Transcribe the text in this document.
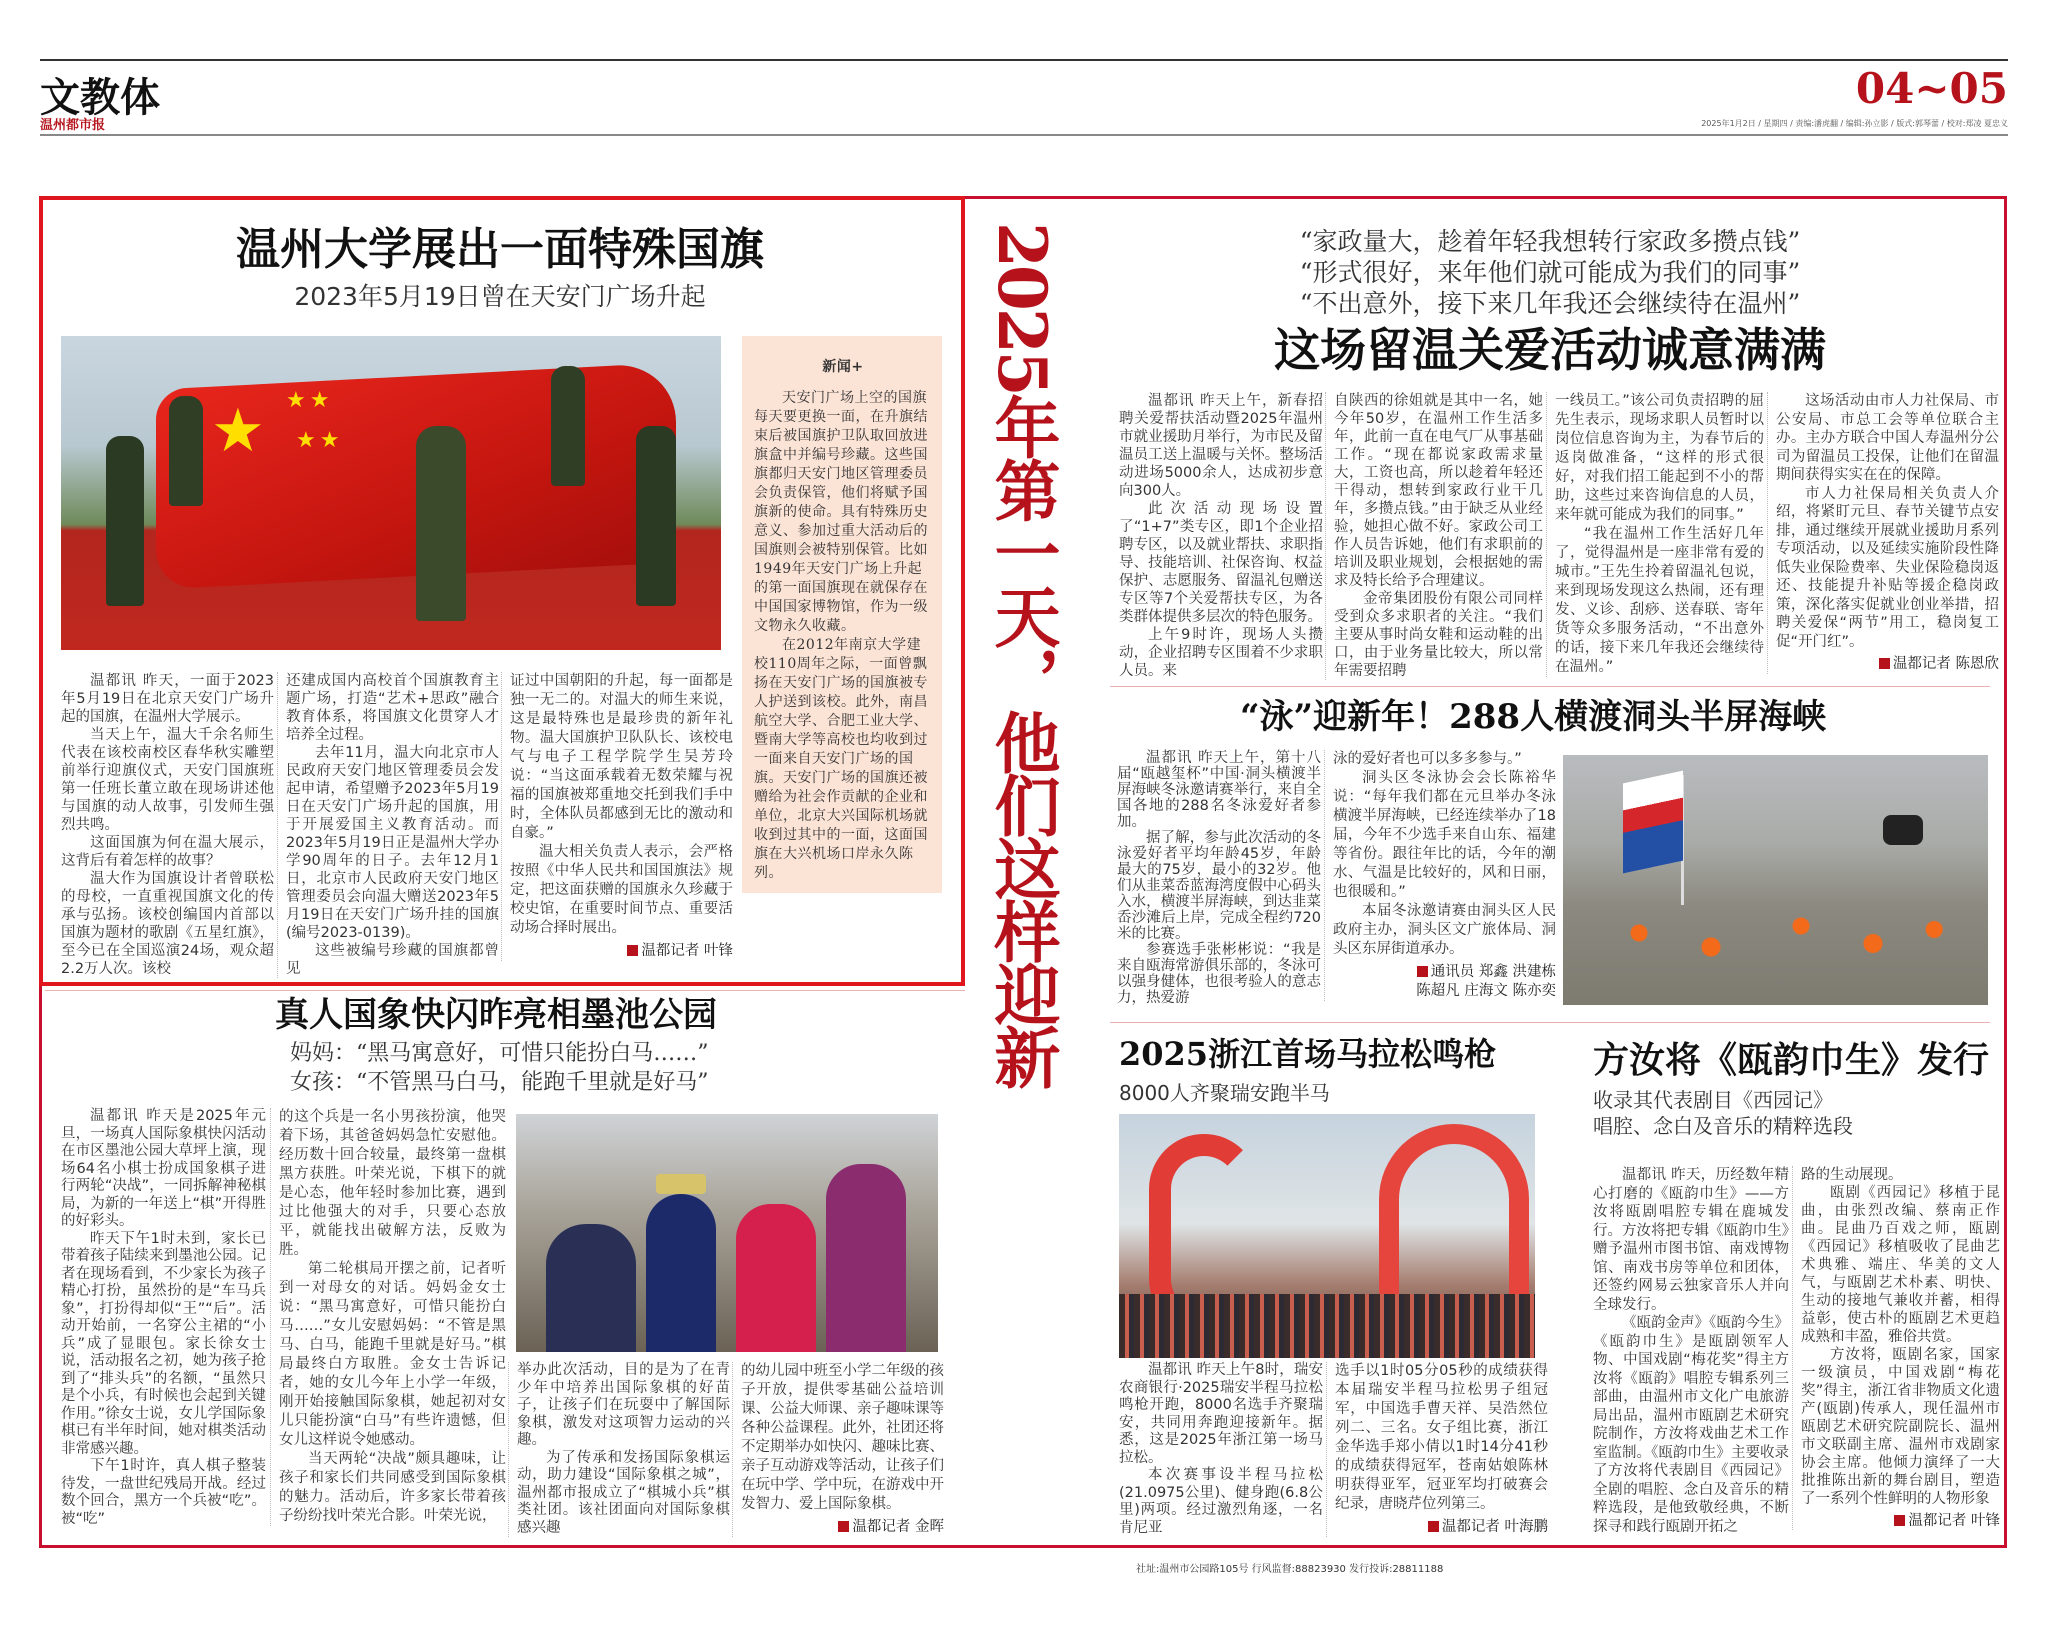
文教体
温州都市报
04~05
2025年1月2日 / 星期四 / 责编:潘虎翻 / 编辑:孙立影 / 版式:郭琴蕾 / 校对:郑凌 夏忠义
2025年第一天，他们这样迎新
温州大学展出一面特殊国旗
2023年5月19日曾在天安门广场升起
★ ★★
★★
新闻+

天安门广场上空的国旗每天要更换一面，在升旗结束后被国旗护卫队取回放进旗盒中并编号珍藏。这些国旗都归天安门地区管理委员会负责保管，他们将赋予国旗新的使命。具有特殊历史意义、参加过重大活动后的国旗则会被特别保管。比如1949年天安门广场上升起的第一面国旗现在就保存在中国国家博物馆，作为一级文物永久收藏。

在2012年南京大学建校110周年之际，一面曾飘扬在天安门广场的国旗被专人护送到该校。此外，南昌航空大学、合肥工业大学、暨南大学等高校也均收到过一面来自天安门广场的国旗。天安门广场的国旗还被赠给为社会作贡献的企业和单位，北京大兴国际机场就收到过其中的一面，这面国旗在大兴机场口岸永久陈列。

温都讯 昨天，一面于2023年5月19日在北京天安门广场升起的国旗，在温州大学展示。

当天上午，温大千余名师生代表在该校南校区春华秋实雕塑前举行迎旗仪式，天安门国旗班第一任班长董立敢在现场讲述他与国旗的动人故事，引发师生强烈共鸣。

这面国旗为何在温大展示，这背后有着怎样的故事？

温大作为国旗设计者曾联松的母校，一直重视国旗文化的传承与弘扬。该校创编国内首部以国旗为题材的歌剧《五星红旗》，至今已在全国巡演24场，观众超2.2万人次。该校

还建成国内高校首个国旗教育主题广场，打造“艺术+思政”融合教育体系，将国旗文化贯穿人才培养全过程。

去年11月，温大向北京市人民政府天安门地区管理委员会发起申请，希望赠予2023年5月19日在天安门广场升起的国旗，用于开展爱国主义教育活动。而2023年5月19日正是温州大学办学90周年的日子。去年12月1日，北京市人民政府天安门地区管理委员会向温大赠送2023年5月19日在天安门广场升挂的国旗(编号2023-0139)。

这些被编号珍藏的国旗都曾见

证过中国朝阳的升起，每一面都是独一无二的。对温大的师生来说，这是最特殊也是最珍贵的新年礼物。温大国旗护卫队队长、该校电气与电子工程学院学生吴芳玲说：“当这面承载着无数荣耀与祝福的国旗被郑重地交托到我们手中时，全体队员都感到无比的激动和自豪。”

温大相关负责人表示，会严格按照《中华人民共和国国旗法》规定，把这面获赠的国旗永久珍藏于校史馆，在重要时间节点、重要活动场合择时展出。

温都记者 叶锋
“家政量大，趁着年轻我想转行家政多攒点钱”
“形式很好，来年他们就可能成为我们的同事”
“不出意外，接下来几年我还会继续待在温州”
这场留温关爱活动诚意满满

温都讯 昨天上午，新春招聘关爱帮扶活动暨2025年温州市就业援助月举行，为市民及留温员工送上温暖与关怀。整场活动进场5000余人，达成初步意向300人。

此次活动现场设置了“1+7”类专区，即1个企业招聘专区，以及就业帮扶、求职指导、技能培训、社保咨询、权益保护、志愿服务、留温礼包赠送专区等7个关爱帮扶专区，为各类群体提供多层次的特色服务。

上午9时许，现场人头攒动，企业招聘专区围着不少求职人员。来

自陕西的徐姐就是其中一名，她今年50岁，在温州工作生活多年，此前一直在电气厂从事基础工作。“现在都说家政需求量大，工资也高，所以趁着年轻还干得动，想转到家政行业干几年，多攒点钱。”由于缺乏从业经验，她担心做不好。家政公司工作人员告诉她，他们有求职前的培训及职业规划，会根据她的需求及特长给予合理建议。

金帝集团股份有限公司同样受到众多求职者的关注。“我们主要从事时尚女鞋和运动鞋的出口，由于业务量比较大，所以常年需要招聘

一线员工。”该公司负责招聘的屈先生表示，现场求职人员暂时以岗位信息咨询为主，为春节后的返岗做准备，“这样的形式很好，对我们招工能起到不小的帮助，这些过来咨询信息的人员，来年就可能成为我们的同事。”

“我在温州工作生活好几年了，觉得温州是一座非常有爱的城市。”王先生拎着留温礼包说，来到现场发现这么热闹，还有理发、义诊、刮痧、送春联、寄年货等众多服务活动，“不出意外的话，接下来几年我还会继续待在温州。”

这场活动由市人力社保局、市公安局、市总工会等单位联合主办。主办方联合中国人寿温州分公司为留温员工投保，让他们在留温期间获得实实在在的保障。

市人力社保局相关负责人介绍，将紧盯元旦、春节关键节点安排，通过继续开展就业援助月系列专项活动，以及延续实施阶段性降低失业保险费率、失业保险稳岗返还、技能提升补贴等援企稳岗政策，深化落实促就业创业举措，招聘关爱保“两节”用工，稳岗复工促“开门红”。

温都记者 陈恩欣
“泳”迎新年！288人横渡洞头半屏海峡

温都讯 昨天上午，第十八届“瓯越玺杯”中国·洞头横渡半屏海峡冬泳邀请赛举行，来自全国各地的288名冬泳爱好者参加。

据了解，参与此次活动的冬泳爱好者平均年龄45岁，年龄最大的75岁，最小的32岁。他们从韭菜岙蓝海湾度假中心码头入水，横渡半屏海峡，到达韭菜岙沙滩后上岸，完成全程约720米的比赛。

参赛选手张彬彬说：“我是来自瓯海常游俱乐部的，冬泳可以强身健体，也很考验人的意志力，热爱游

泳的爱好者也可以多多参与。”

洞头区冬泳协会会长陈裕华说：“每年我们都在元旦举办冬泳横渡半屏海峡，已经连续举办了18届，今年不少选手来自山东、福建等省份。跟往年比的话，今年的潮水、气温是比较好的，风和日丽，也很暖和。”

本届冬泳邀请赛由洞头区人民政府主办，洞头区文广旅体局、洞头区东屏街道承办。

通讯员 郑鑫 洪建栋
陈超凡 庄海文 陈亦奕
真人国象快闪昨亮相墨池公园
妈妈：“黑马寓意好，可惜只能扮白马……”
女孩：“不管黑马白马，能跑千里就是好马”

温都讯 昨天是2025年元旦，一场真人国际象棋快闪活动在市区墨池公园大草坪上演，现场64名小棋士扮成国象棋子进行两轮“决战”，一同拆解神秘棋局，为新的一年送上“棋”开得胜的好彩头。

昨天下午1时未到，家长已带着孩子陆续来到墨池公园。记者在现场看到，不少家长为孩子精心打扮，虽然扮的是“车马兵象”，打扮得却似“王”“后”。活动开始前，一名穿公主裙的“小兵”成了显眼包。家长徐女士说，活动报名之初，她为孩子抢到了“排头兵”的名额，“虽然只是个小兵，有时候也会起到关键作用。”徐女士说，女儿学国际象棋已有半年时间，她对棋类活动非常感兴趣。

下午1时许，真人棋子整装待发，一盘世纪残局开战。经过数个回合，黑方一个兵被“吃”。被“吃”

的这个兵是一名小男孩扮演，他哭着下场，其爸爸妈妈急忙安慰他。经历数十回合较量，最终第一盘棋黑方获胜。叶荣光说，下棋下的就是心态，他年轻时参加比赛，遇到过比他强大的对手，只要心态放平，就能找出破解方法，反败为胜。

第二轮棋局开摆之前，记者听到一对母女的对话。妈妈金女士说：“黑马寓意好，可惜只能扮白马……”女儿安慰妈妈：“不管是黑马、白马，能跑千里就是好马。”棋局最终白方取胜。金女士告诉记者，她的女儿今年上小学一年级，刚开始接触国际象棋，她起初对女儿只能扮演“白马”有些许遗憾，但女儿这样说令她感动。

当天两轮“决战”颇具趣味，让孩子和家长们共同感受到国际象棋的魅力。活动后，许多家长带着孩子纷纷找叶荣光合影。叶荣光说，

举办此次活动，目的是为了在青少年中培养出国际象棋的好苗子，让孩子们在玩耍中了解国际象棋，激发对这项智力运动的兴趣。

为了传承和发扬国际象棋运动，助力建设“国际象棋之城”，温州都市报成立了“棋城小兵”棋类社团。该社团面向对国际象棋感兴趣

的幼儿园中班至小学二年级的孩子开放，提供零基础公益培训课、公益大师课、亲子趣味课等各种公益课程。此外，社团还将不定期举办如快闪、趣味比赛、亲子互动游戏等活动，让孩子们在玩中学、学中玩，在游戏中开发智力、爱上国际象棋。

温都记者 金晖
2025浙江首场马拉松鸣枪
8000人齐聚瑞安跑半马

温都讯 昨天上午8时，瑞安农商银行·2025瑞安半程马拉松鸣枪开跑，8000名选手齐聚瑞安，共同用奔跑迎接新年。据悉，这是2025年浙江第一场马拉松。

本次赛事设半程马拉松(21.0975公里)、健身跑(6.8公里)两项。经过激烈角逐，一名肯尼亚

选手以1时05分05秒的成绩获得本届瑞安半程马拉松男子组冠军，中国选手曹天祥、吴浩然位列二、三名。女子组比赛，浙江金华选手郑小倩以1时14分41秒的成绩获得冠军，苍南姑娘陈林明获得亚军，冠亚军均打破赛会纪录，唐晓芹位列第三。

温都记者 叶海鹏
方汝将《瓯韵巾生》发行
收录其代表剧目《西园记》
唱腔、念白及音乐的精粹选段

温都讯 昨天，历经数年精心打磨的《瓯韵巾生》——方汝将瓯剧唱腔专辑在鹿城发行。方汝将把专辑《瓯韵巾生》赠予温州市图书馆、南戏博物馆、南戏书房等单位和团体，还签约网易云独家音乐人并向全球发行。

《瓯韵金声》《瓯韵今生》《瓯韵巾生》是瓯剧领军人物、中国戏剧“梅花奖”得主方汝将《瓯韵》唱腔专辑系列三部曲，由温州市文化广电旅游局出品，温州市瓯剧艺术研究院制作，方汝将戏曲艺术工作室监制。《瓯韵巾生》主要收录了方汝将代表剧目《西园记》全剧的唱腔、念白及音乐的精粹选段，是他致敬经典，不断探寻和践行瓯剧开拓之

路的生动展现。

瓯剧《西园记》移植于昆曲，由张烈改编、蔡南正作曲。昆曲乃百戏之师，瓯剧《西园记》移植吸收了昆曲艺术典雅、端庄、华美的文人气，与瓯剧艺术朴素、明快、生动的接地气兼收并蓄，相得益彰，使古朴的瓯剧艺术更趋成熟和丰盈，雅俗共赏。

方汝将，瓯剧名家，国家一级演员，中国戏剧“梅花奖”得主，浙江省非物质文化遗产(瓯剧)传承人，现任温州市瓯剧艺术研究院副院长、温州市文联副主席、温州市戏剧家协会主席。他倾力演绎了一大批推陈出新的舞台剧目，塑造了一系列个性鲜明的人物形象

温都记者 叶锋
社址:温州市公园路105号 行风监督:88823930 发行投诉:28811188
